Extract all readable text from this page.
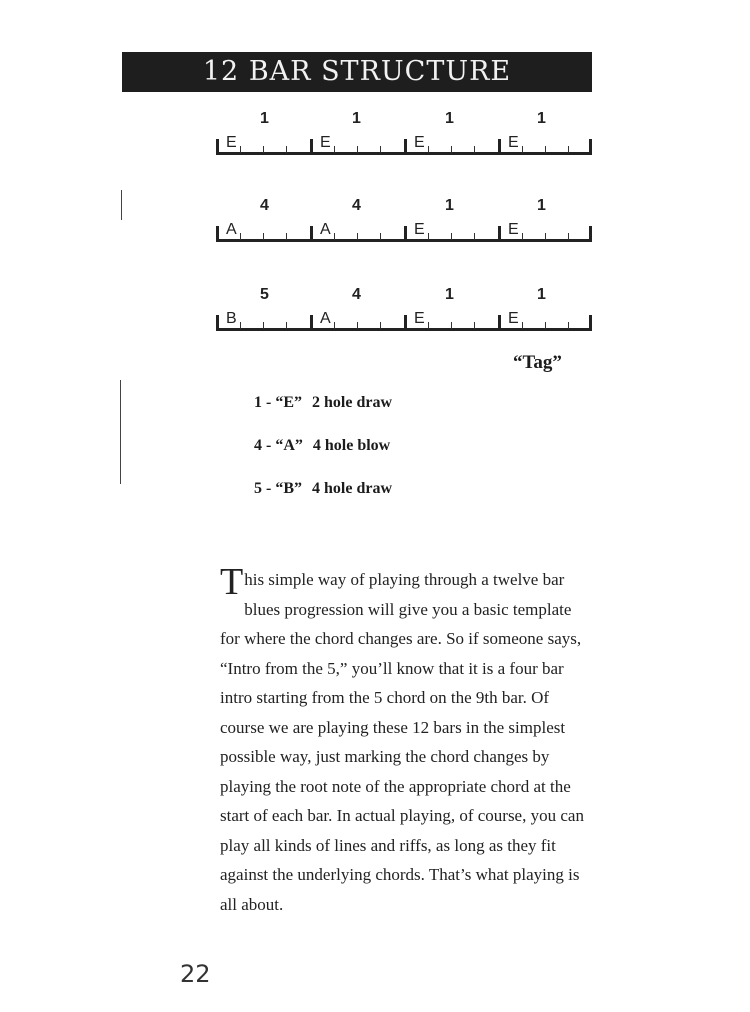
12 BAR STRUCTURE
E
1
E
1
E
1
E
1
A
4
A
4
E
1
E
1
B
5
A
4
E
1
E
1
“Tag”
1 - “E” 2 hole draw
4 - “A” 4 hole blow
5 - “B” 4 hole draw

This simple way of playing through a twelve bar blues progression will give you a basic template for where the chord changes are. So if someone says, “Intro from the 5,” you’ll know that it is a four bar intro starting from the 5 chord on the 9th bar. Of course we are playing these 12 bars in the simplest possible way, just marking the chord changes by playing the root note of the appropriate chord at the start of each bar. In actual playing, of course, you can play all kinds of lines and riffs, as long as they fit against the underlying chords. That’s what playing is all about.

22
